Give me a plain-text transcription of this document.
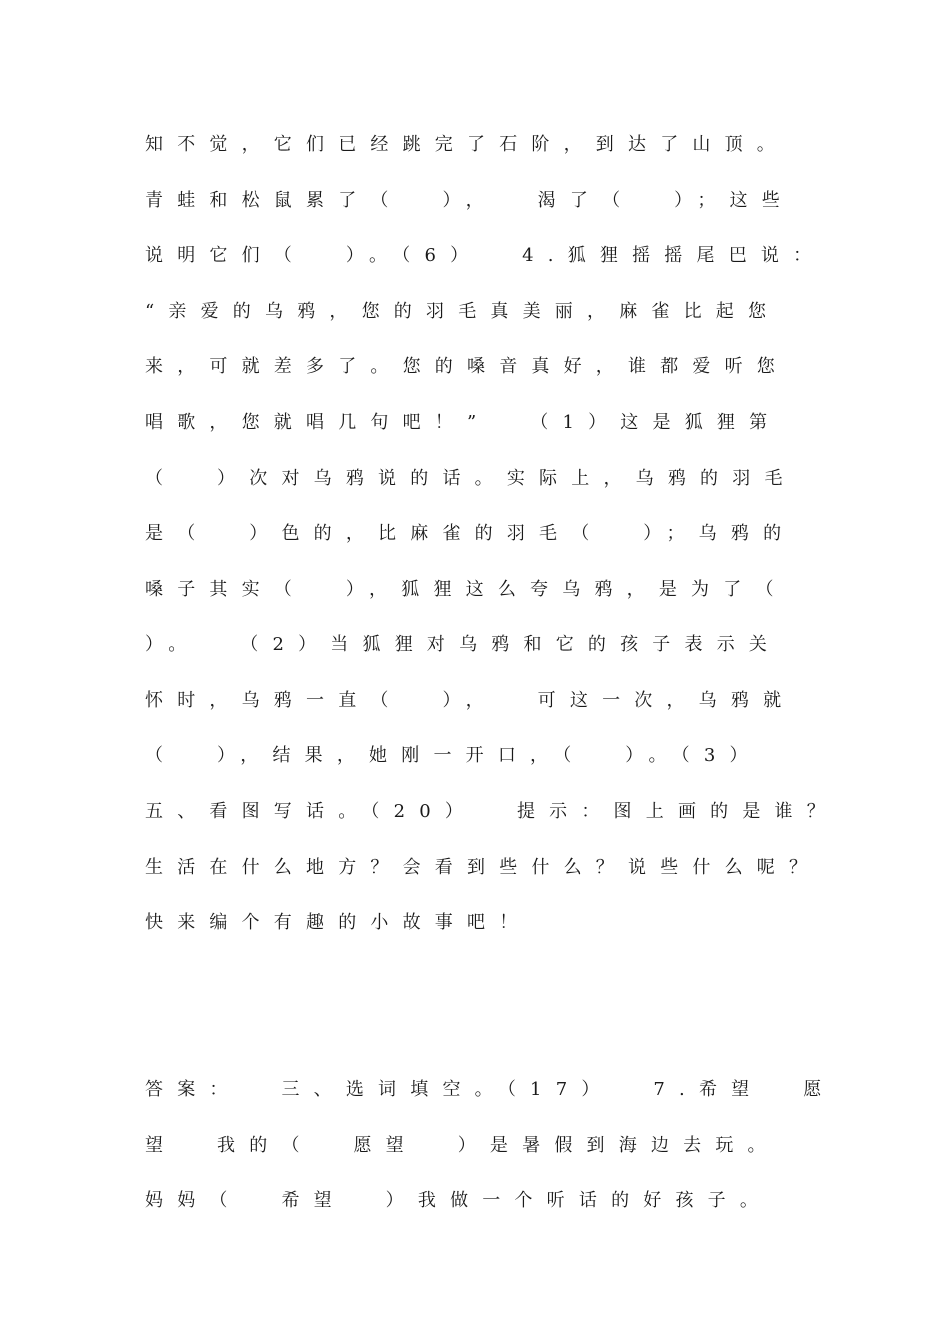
知不觉，它们已经跳完了石阶，到达了山顶。
青蛙和松鼠累了（  ），  渴了（  ）；这些
说明它们（  ）。（6）  4.狐狸摇摇尾巴说：
“亲爱的乌鸦，您的羽毛真美丽，麻雀比起您
来，可就差多了。您的嗓音真好，谁都爱听您
唱歌，您就唱几句吧！”  （1）这是狐狸第
（  ）次对乌鸦说的话。实际上，乌鸦的羽毛
是（  ）色的，比麻雀的羽毛（  ）；乌鸦的
嗓子其实（  ），狐狸这么夸乌鸦，是为了（
）。  （2）当狐狸对乌鸦和它的孩子表示关
怀时，乌鸦一直（  ），  可这一次，乌鸦就
（  ），结果，她刚一开口，（  ）。（3）
五、看图写话。（20）  提示：图上画的是谁？
生活在什么地方？会看到些什么？说些什么呢？
快来编个有趣的小故事吧！
答案：  三、选词填空。（17）  7.希望  愿
望  我的（  愿望  ）是暑假到海边去玩。
妈妈（  希望  ）我做一个听话的好孩子。
